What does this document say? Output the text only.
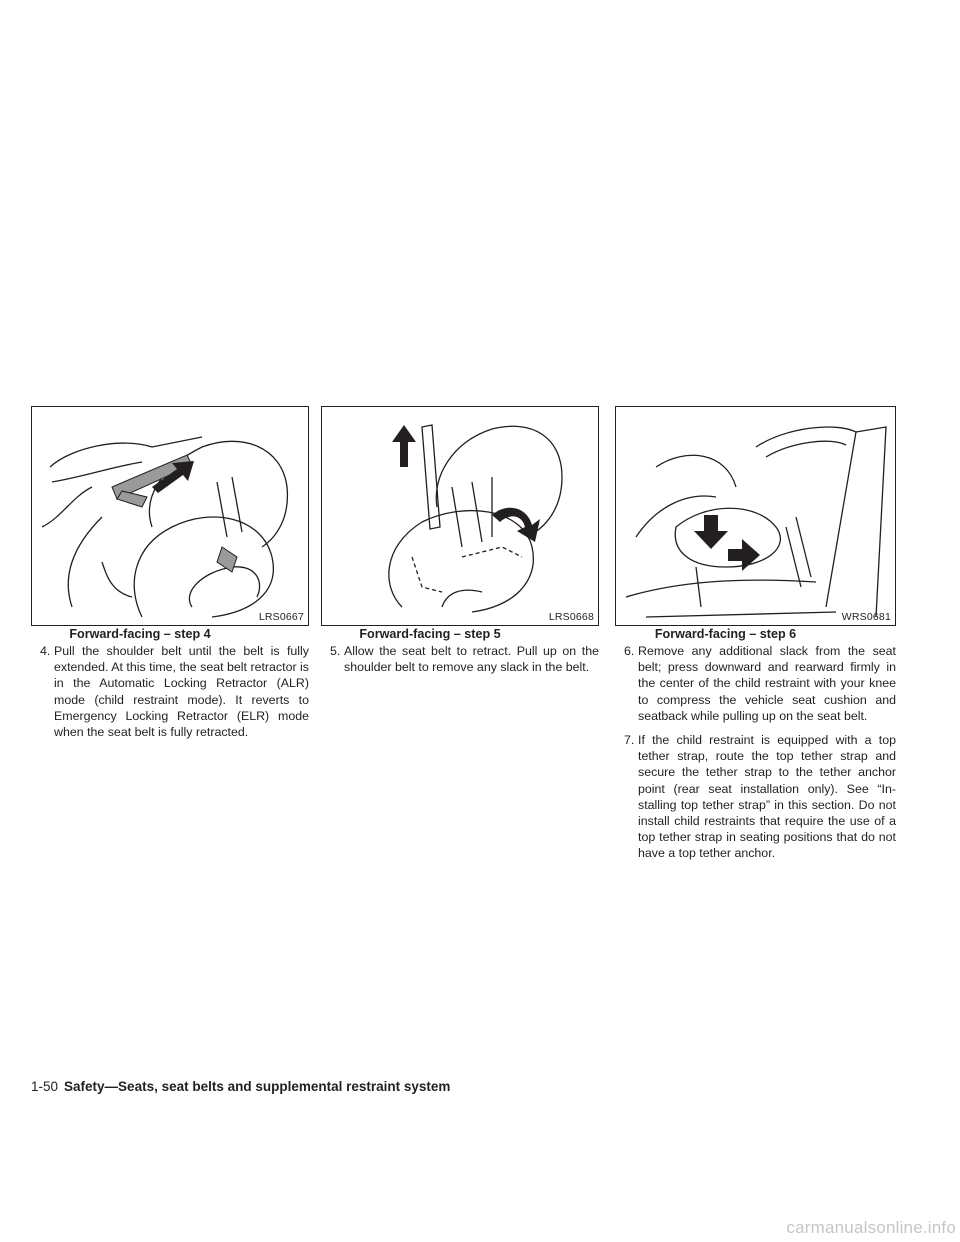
LRS0667
Forward-facing – step 4

4. Pull the shoulder belt until the belt is fully extended. At this time, the seat belt retractor is in the Automatic Locking Retractor (ALR) mode (child restraint mode). It reverts to Emergency Locking Retractor (ELR) mode when the seat belt is fully retracted.

LRS0668
Forward-facing – step 5

5. Allow the seat belt to retract. Pull up on the shoulder belt to remove any slack in the belt.

WRS0681
Forward-facing – step 6

6. Remove any additional slack from the seat belt; press downward and rearward firmly in the center of the child restraint with your knee to compress the vehicle seat cushion and seatback while pulling up on the seat belt.

7. If the child restraint is equipped with a top tether strap, route the top tether strap and secure the tether strap to the tether anchor point (rear seat installation only). See “In-stalling top tether strap” in this section. Do not install child restraints that require the use of a top tether strap in seating positions that do not have a top tether anchor.

1-50 Safety—Seats, seat belts and supplemental restraint system
carmanualsonline.info
